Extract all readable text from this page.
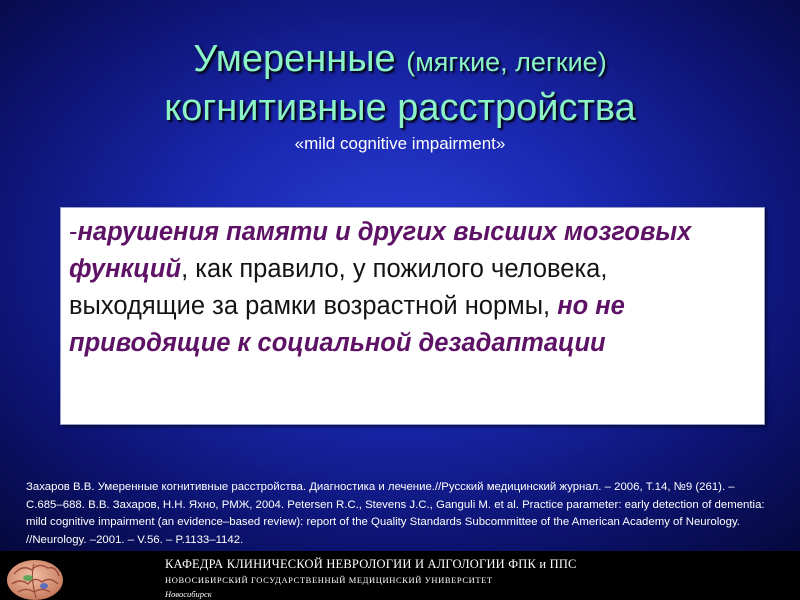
Умеренные (мягкие, легкие)
когнитивные расстройства
«mild cognitive impairment»
-нарушения памяти и других высших мозговых функций, как правило, у пожилого человека, выходящие за рамки возрастной нормы, но не приводящие к социальной дезадаптации
Захаров В.В. Умеренные когнитивные расстройства. Диагностика и лечение.//Русский медицинский журнал. – 2006, Т.14, №9 (261). – С.685–688. В.В. Захаров, Н.Н. Яхно, РМЖ, 2004. Petersen R.C., Stevens J.C., Ganguli M. et al. Practice parameter: early detection of dementia: mild cognitive impairment (an evidence–based review): report of the Quality Standards Subcommittee of the American Academy of Neurology. //Neurology. –2001. – V.56. – P.1133–1142.
КАФЕДРА КЛИНИЧЕСКОЙ НЕВРОЛОГИИ И АЛГОЛОГИИ ФПК и ППС
НОВОСИБИРСКИЙ ГОСУДАРСТВЕННЫЙ МЕДИЦИНСКИЙ УНИВЕРСИТЕТ
Новосибирск
